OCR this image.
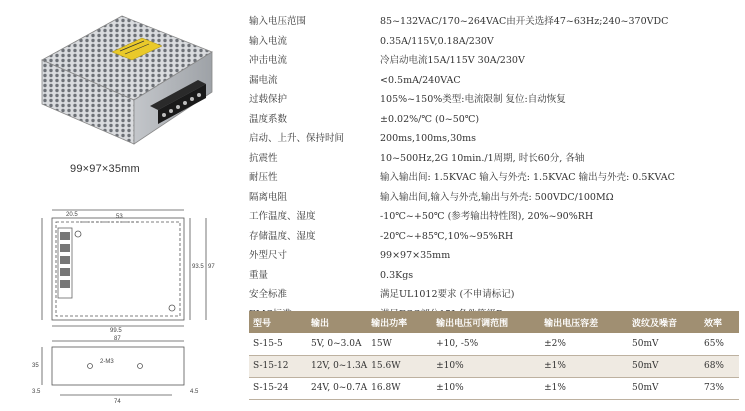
99×97×35mm
20.5	53
99.5
93.5 97
87
74
2-M3
3.5	4.5
35
输入电压范围	85~132VAC/170~264VAC由开关选择47~63Hz;240~370VDC
输入电流	0.35A/115V,0.18A/230V
冲击电流	冷启动电流15A/115V 30A/230V
漏电流	<0.5mA/240VAC
过载保护	105%~150%类型:电流限制 复位:自动恢复
温度系数	±0.02%/℃ (0~50℃)
启动、上升、保持时间	200ms,100ms,30ms
抗震性	10~500Hz,2G 10min./1周期, 时长60分, 各轴
耐压性	输入输出间: 1.5KVAC 输入与外壳: 1.5KVAC 输出与外壳: 0.5KVAC
隔离电阻	输入输出间,输入与外壳,输出与外壳: 500VDC/100MΩ
工作温度、湿度	-10℃~+50℃ (参考输出特性图), 20%~90%RH
存储温度、湿度	-20℃~+85℃,10%~95%RH
外型尺寸	99×97×35mm
重量	0.3Kgs
安全标准	满足UL1012要求 (不申请标记)
型号	输出	输出功率	输出电压可调范围	输出电压容差	波纹及噪音	效率
S-15-5	5V, 0~3.0A	15W	+10, -5%	±2%	50mV	65%
S-15-12	12V, 0~1.3A	15.6W	±10%	±1%	50mV	68%
S-15-24	24V, 0~0.7A	16.8W	±10%	±1%	50mV	73%
